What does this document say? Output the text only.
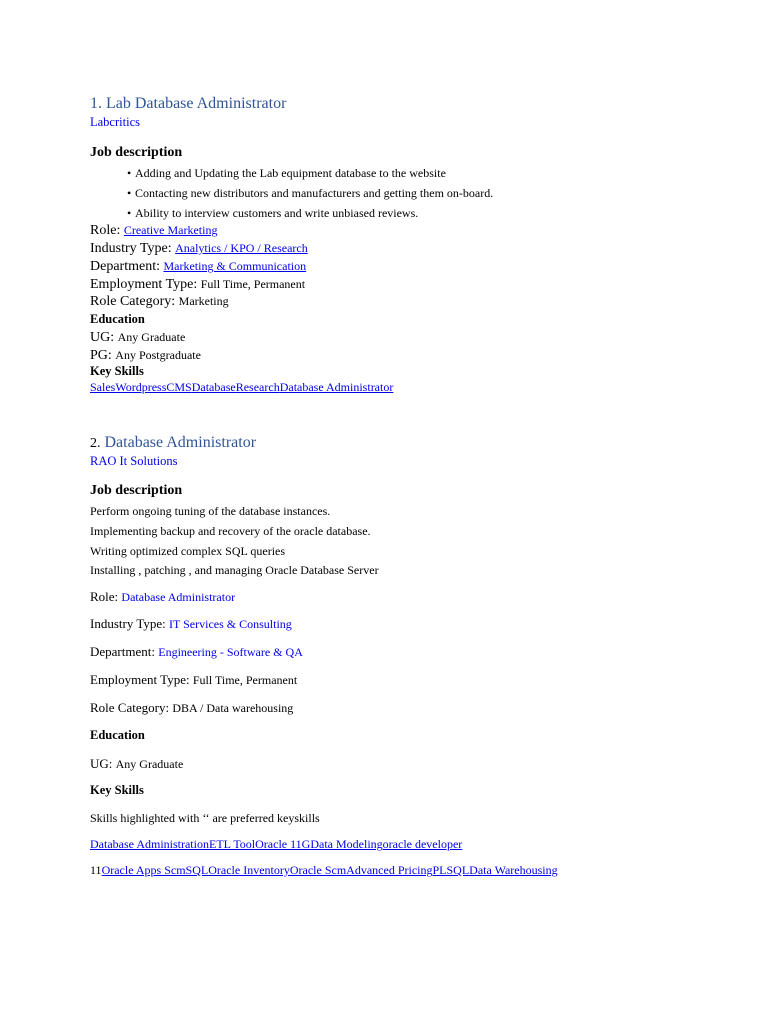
1. Lab Database Administrator
Labcritics
Job description
• Adding and Updating the Lab equipment database to the website
• Contacting new distributors and manufacturers and getting them on-board.
• Ability to interview customers and write unbiased reviews.
Role: Creative Marketing
Industry Type: Analytics / KPO / Research
Department: Marketing & Communication
Employment Type: Full Time, Permanent
Role Category: Marketing
Education
UG: Any Graduate
PG: Any Postgraduate
Key Skills
SalesWordpressCMSDatabaseResearchDatabase Administrator
2. Database Administrator
RAO It Solutions
Job description
Perform ongoing tuning of the database instances.
Implementing backup and recovery of the oracle database.
Writing optimized complex SQL queries
Installing , patching , and managing Oracle Database Server
Role: Database Administrator
Industry Type: IT Services & Consulting
Department: Engineering - Software & QA
Employment Type: Full Time, Permanent
Role Category: DBA / Data warehousing
Education
UG: Any Graduate
Key Skills
Skills highlighted with ‘‘ are preferred keyskills
Database AdministrationETL ToolOracle 11GData Modelingoracle developer
11Oracle Apps ScmSQLOracle InventoryOracle ScmAdvanced PricingPLSQLData Warehousing
